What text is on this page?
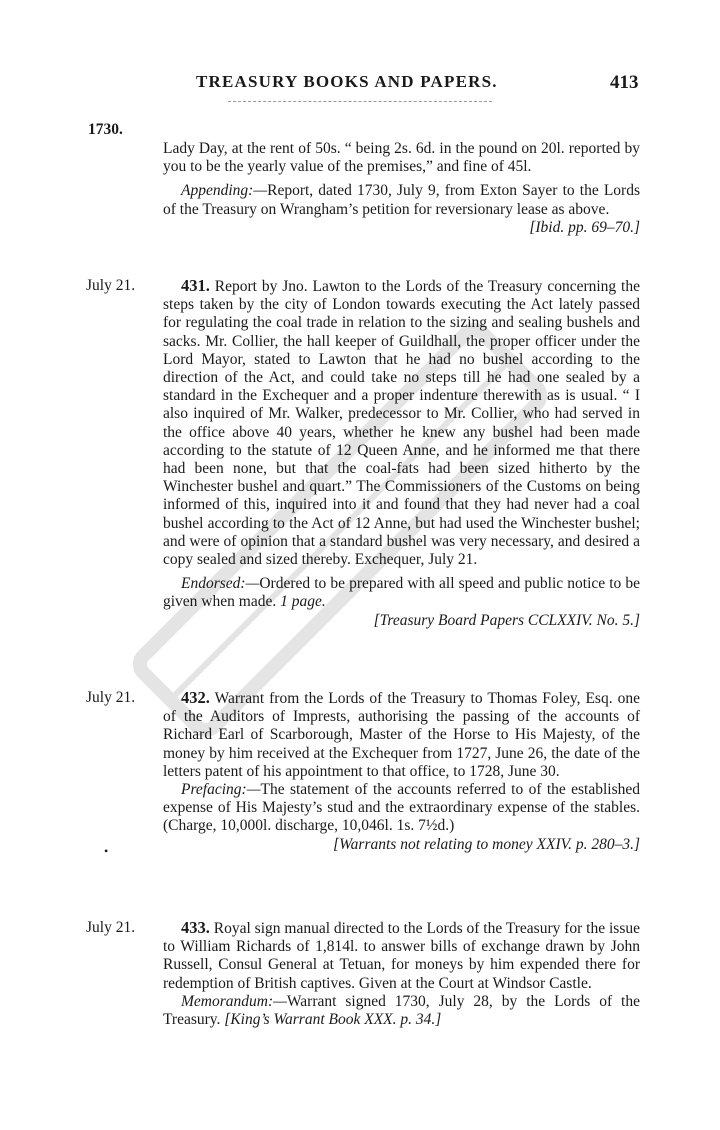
TREASURY BOOKS AND PAPERS.	413
1730.

Lady Day, at the rent of 50s. “ being 2s. 6d. in the pound on 20l. reported by you to be the yearly value of the premises,” and fine of 45l.

Appending:—Report, dated 1730, July 9, from Exton Sayer to the Lords of the Treasury on Wrangham’s petition for reversionary lease as above.

[Ibid. pp. 69–70.]

July 21.	431. Report by Jno. Lawton to the Lords of the Treasury concerning the steps taken by the city of London towards executing the Act lately passed for regulating the coal trade in relation to the sizing and sealing bushels and sacks. Mr. Collier, the hall keeper of Guildhall, the proper officer under the Lord Mayor, stated to Lawton that he had no bushel according to the direction of the Act, and could take no steps till he had one sealed by a standard in the Exchequer and a proper indenture therewith as is usual. “ I also inquired of Mr. Walker, predecessor to Mr. Collier, who had served in the office above 40 years, whether he knew any bushel had been made according to the statute of 12 Queen Anne, and he informed me that there had been none, but that the coal-fats had been sized hitherto by the Winchester bushel and quart.” The Commissioners of the Customs on being informed of this, inquired into it and found that they had never had a coal bushel according to the Act of 12 Anne, but had used the Winchester bushel; and were of opinion that a standard bushel was very necessary, and desired a copy sealed and sized thereby. Exchequer, July 21.

Endorsed:—Ordered to be prepared with all speed and public notice to be given when made. 1 page.

[Treasury Board Papers CCLXXIV. No. 5.]

July 21.	432. Warrant from the Lords of the Treasury to Thomas Foley, Esq. one of the Auditors of Imprests, authorising the passing of the accounts of Richard Earl of Scarborough, Master of the Horse to His Majesty, of the money by him received at the Exchequer from 1727, June 26, the date of the letters patent of his appointment to that office, to 1728, June 30.

Prefacing:—The statement of the accounts referred to of the established expense of His Majesty’s stud and the extraordinary expense of the stables. (Charge, 10,000l. discharge, 10,046l. 1s. 7½d.)

[Warrants not relating to money XXIV. p. 280–3.]

•
July 21.	433. Royal sign manual directed to the Lords of the Treasury for the issue to William Richards of 1,814l. to answer bills of exchange drawn by John Russell, Consul General at Tetuan, for moneys by him expended there for redemption of British captives. Given at the Court at Windsor Castle.

Memorandum:—Warrant signed 1730, July 28, by the Lords of the Treasury. [King’s Warrant Book XXX. p. 34.]
